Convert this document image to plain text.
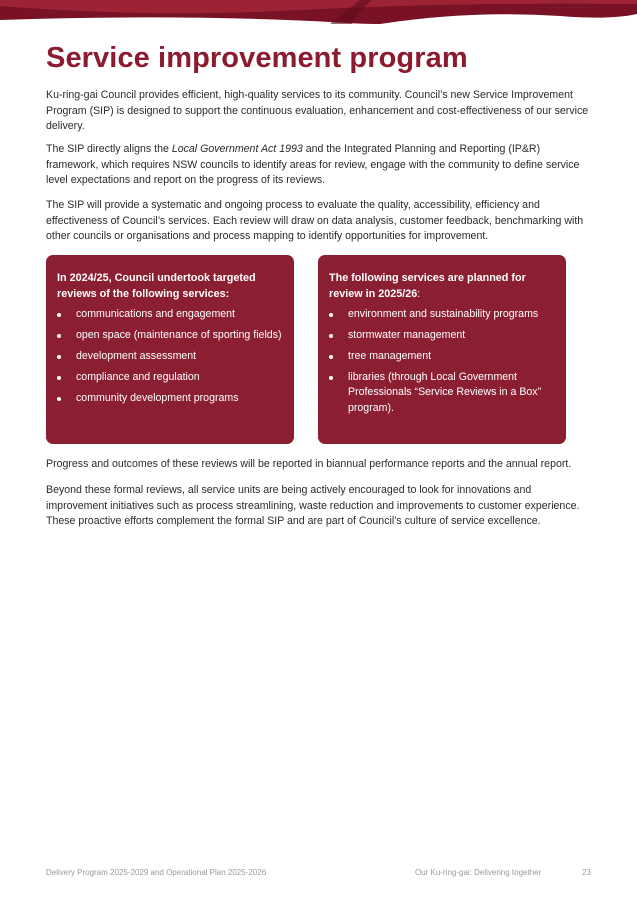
Service improvement program

Ku-ring-gai Council provides efficient, high-quality services to its community. Council’s new Service Improvement Program (SIP) is designed to support the continuous evaluation, enhancement and cost-effectiveness of our service delivery.

The SIP directly aligns the Local Government Act 1993 and the Integrated Planning and Reporting (IP&R) framework, which requires NSW councils to identify areas for review, engage with the community to define service level expectations and report on the progress of its reviews.

The SIP will provide a systematic and ongoing process to evaluate the quality, accessibility, efficiency and effectiveness of Council’s services. Each review will draw on data analysis, customer feedback, benchmarking with other councils or organisations and process mapping to identify opportunities for improvement.

In 2024/25, Council undertook targeted reviews of the following services:

communications and engagement
open space (maintenance of sporting fields)
development assessment
compliance and regulation
community development programs

The following services are planned for review in 2025/26:

environment and sustainability programs
stormwater management
tree management
libraries (through Local Government Professionals “Service Reviews in a Box” program).

Progress and outcomes of these reviews will be reported in biannual performance reports and the annual report.

Beyond these formal reviews, all service units are being actively encouraged to look for innovations and improvement initiatives such as process streamlining, waste reduction and improvements to customer experience. These proactive efforts complement the formal SIP and are part of Council’s culture of service excellence.

Delivery Program 2025-2029 and Operational Plan 2025-2026	Our Ku-ring-gai: Delivering together	23
